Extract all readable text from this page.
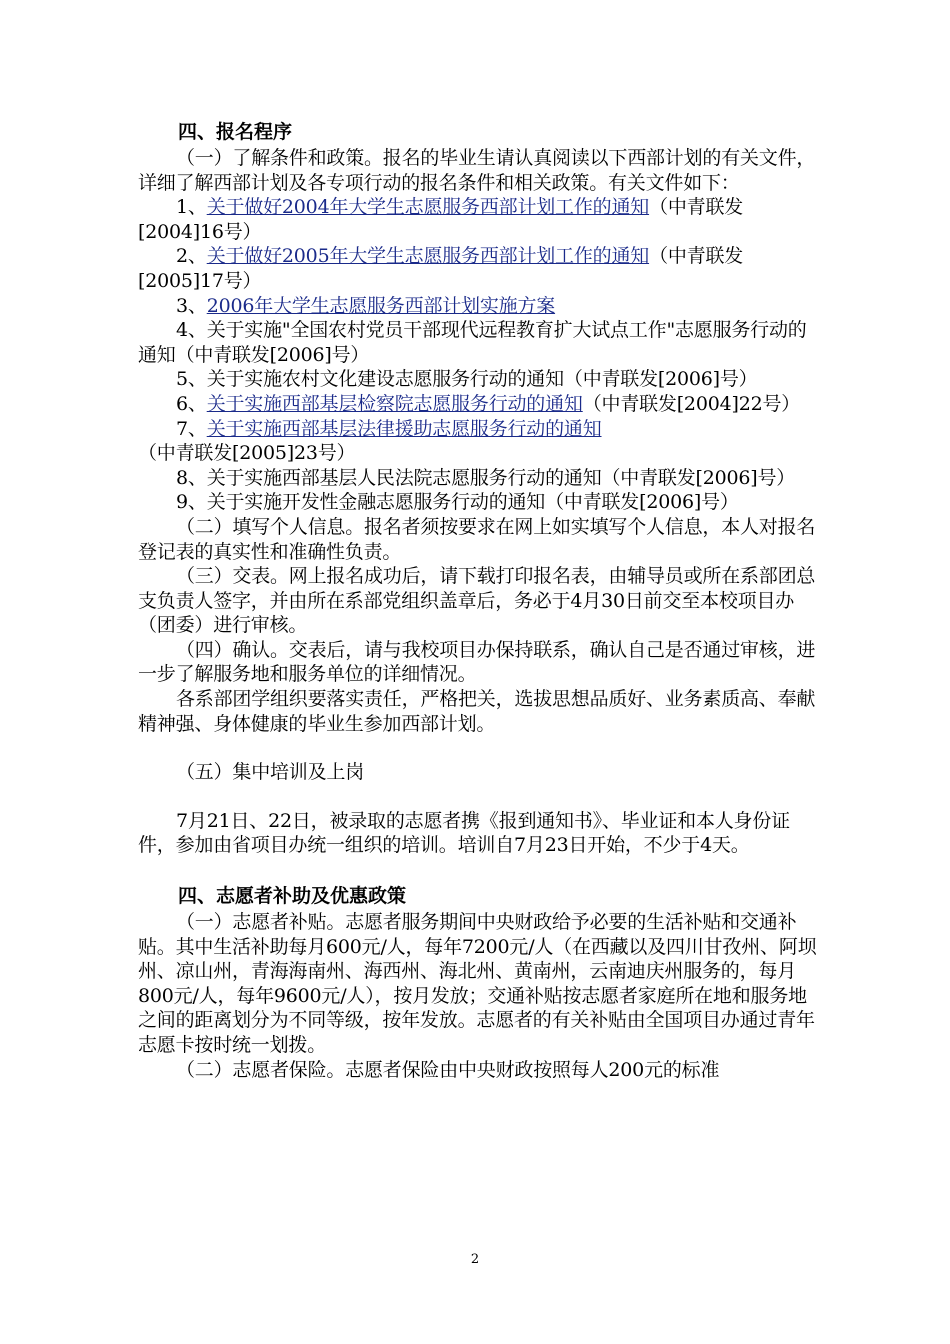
四、报名程序

（一）了解条件和政策。报名的毕业生请认真阅读以下西部计划的有关文件，详细了解西部计划及各专项行动的报名条件和相关政策。有关文件如下：

1、关于做好2004年大学生志愿服务西部计划工作的通知（中青联发[2004]16号）

2、关于做好2005年大学生志愿服务西部计划工作的通知（中青联发[2005]17号）

3、2006年大学生志愿服务西部计划实施方案

4、关于实施"全国农村党员干部现代远程教育扩大试点工作"志愿服务行动的通知（中青联发[2006]号）

5、关于实施农村文化建设志愿服务行动的通知（中青联发[2006]号）

6、关于实施西部基层检察院志愿服务行动的通知（中青联发[2004]22号）

7、关于实施西部基层法律援助志愿服务行动的通知（中青联发[2005]23号）

8、关于实施西部基层人民法院志愿服务行动的通知（中青联发[2006]号）

9、关于实施开发性金融志愿服务行动的通知（中青联发[2006]号）

（二）填写个人信息。报名者须按要求在网上如实填写个人信息，本人对报名登记表的真实性和准确性负责。

（三）交表。网上报名成功后，请下载打印报名表，由辅导员或所在系部团总支负责人签字，并由所在系部党组织盖章后，务必于4月30日前交至本校项目办（团委）进行审核。

（四）确认。交表后，请与我校项目办保持联系，确认自己是否通过审核，进一步了解服务地和服务单位的详细情况。

各系部团学组织要落实责任，严格把关，选拔思想品质好、业务素质高、奉献精神强、身体健康的毕业生参加西部计划。

（五）集中培训及上岗

7月21日、22日，被录取的志愿者携《报到通知书》、毕业证和本人身份证件，参加由省项目办统一组织的培训。培训自7月23日开始，不少于4天。

四、志愿者补助及优惠政策

（一）志愿者补贴。志愿者服务期间中央财政给予必要的生活补贴和交通补贴。其中生活补助每月600元/人，每年7200元/人（在西藏以及四川甘孜州、阿坝州、凉山州，青海海南州、海西州、海北州、黄南州，云南迪庆州服务的，每月800元/人，每年9600元/人），按月发放；交通补贴按志愿者家庭所在地和服务地之间的距离划分为不同等级，按年发放。志愿者的有关补贴由全国项目办通过青年志愿卡按时统一划拨。

（二）志愿者保险。志愿者保险由中央财政按照每人200元的标准

2
